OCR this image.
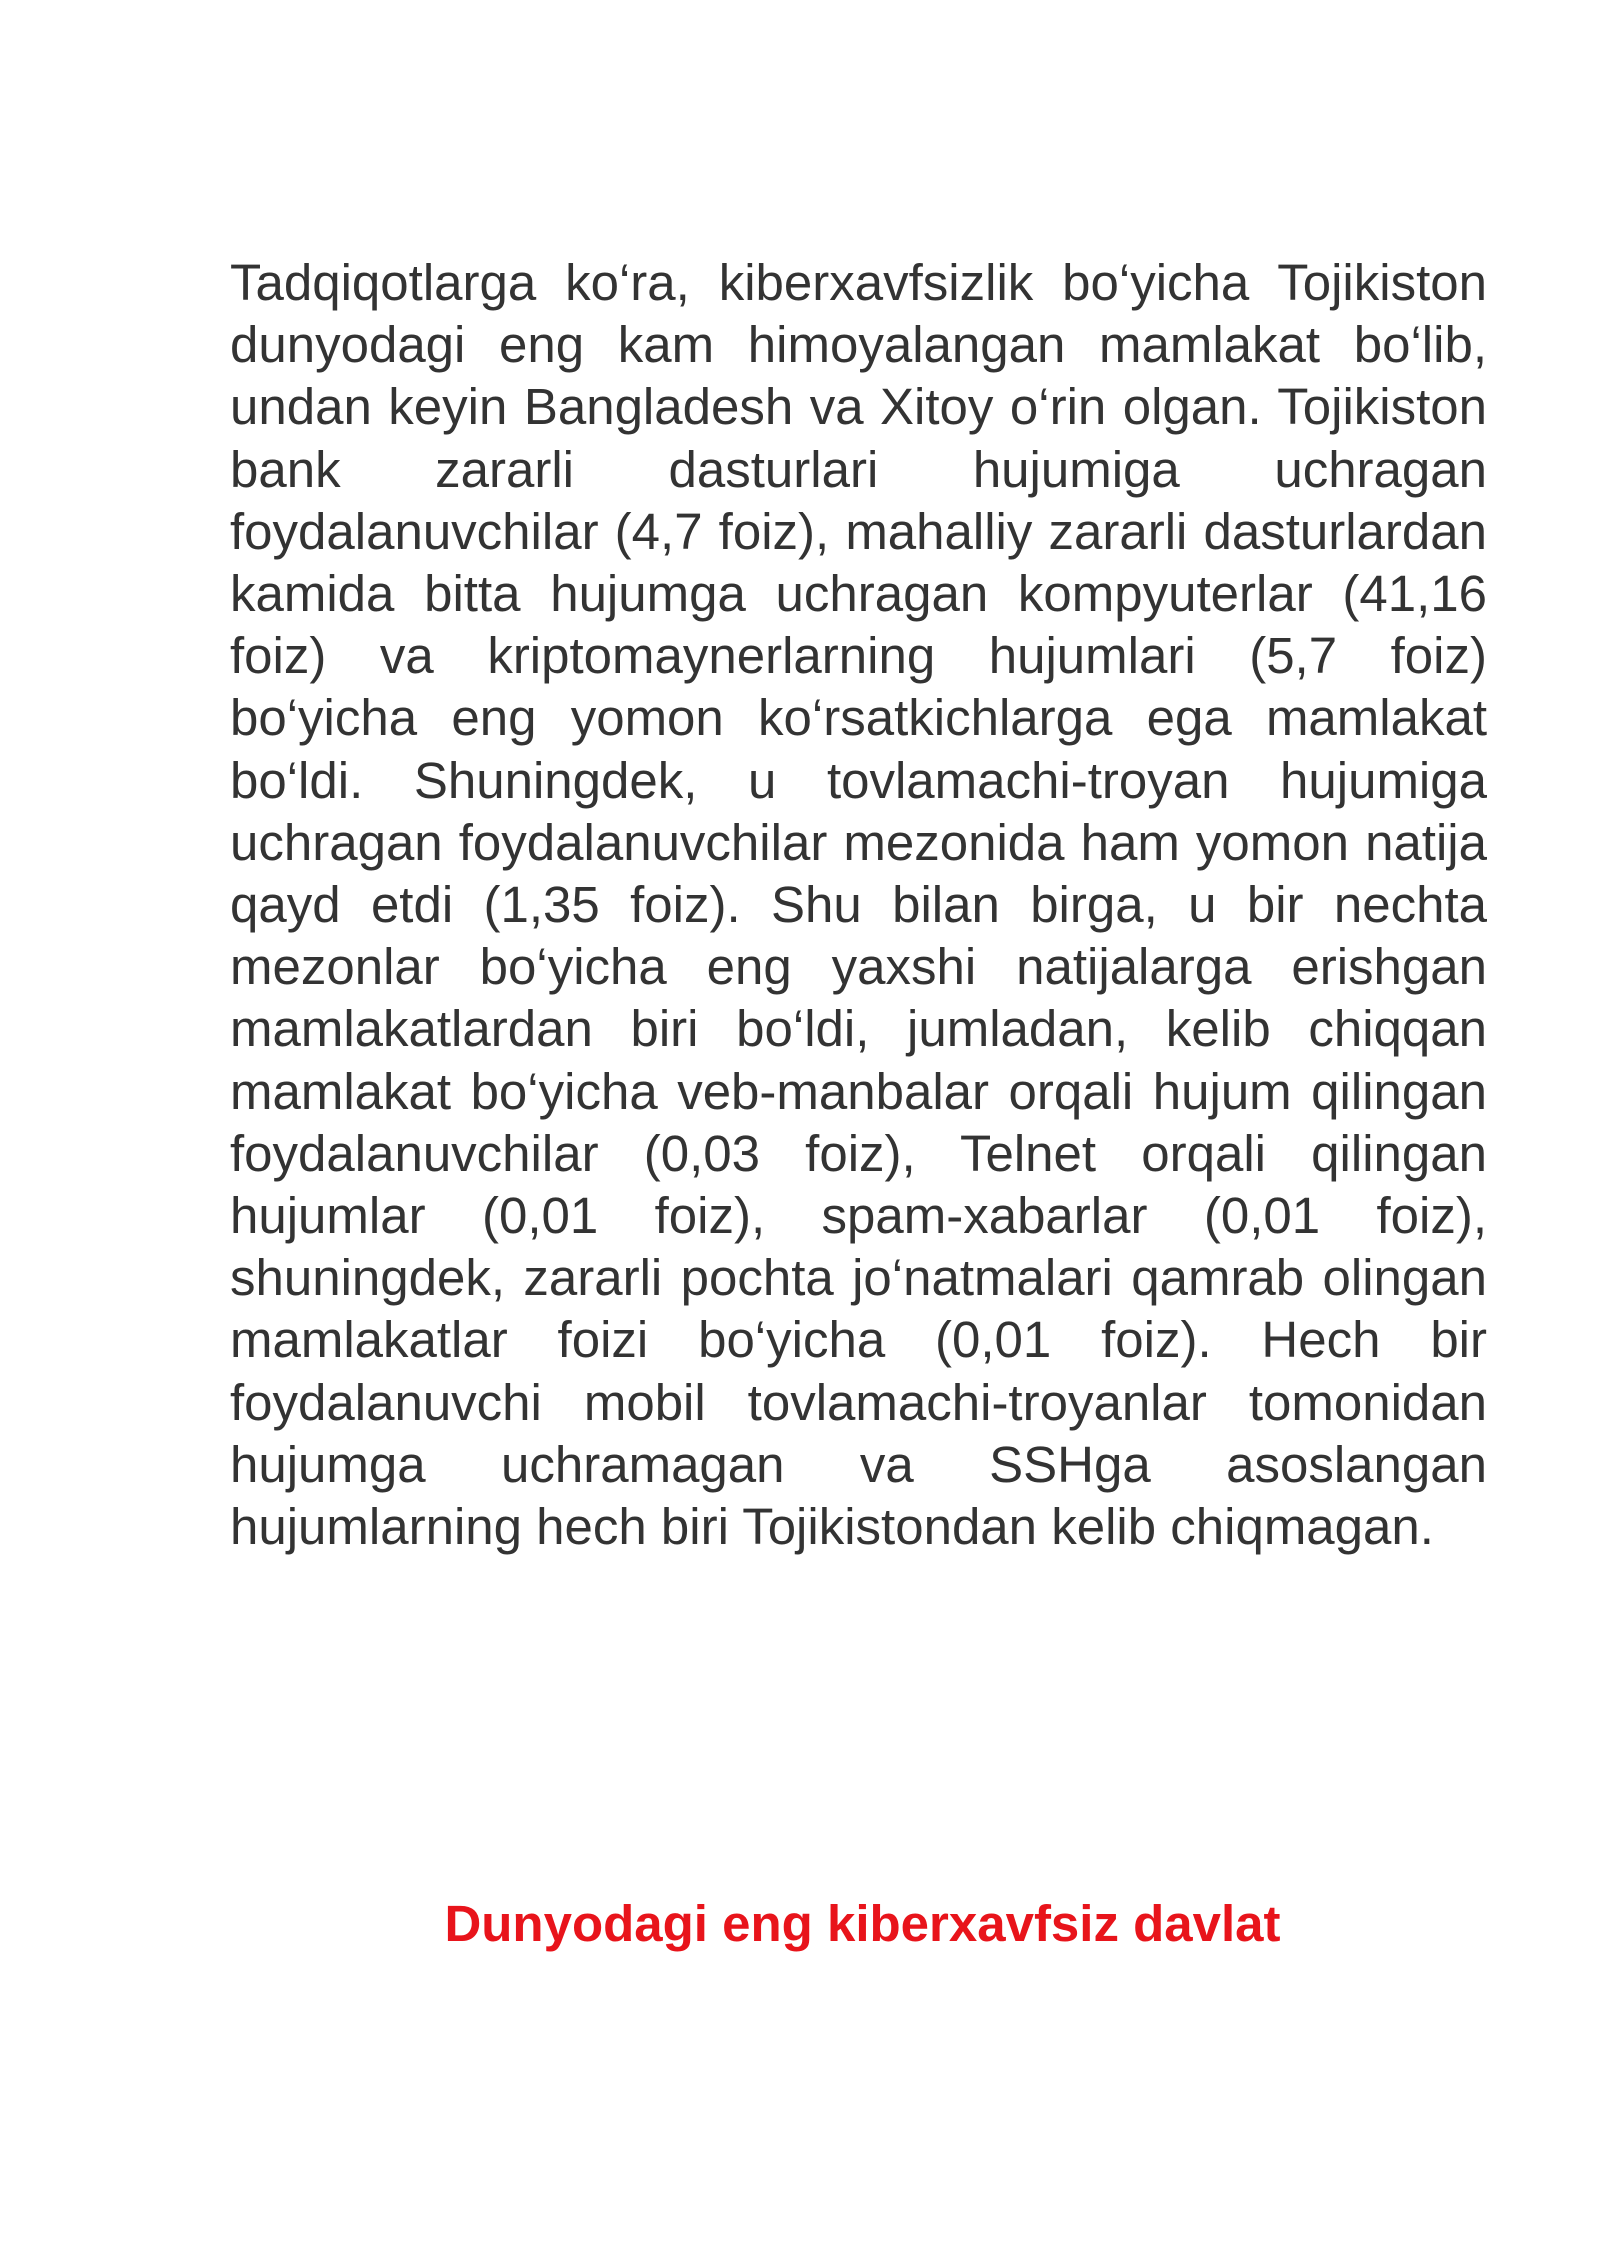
Tadqiqotlarga ko‘ra, kiberxavfsizlik bo‘yicha Tojikiston dunyodagi eng kam himoyalangan mamlakat bo‘lib, undan keyin Bangladesh va Xitoy o‘rin olgan. Tojikiston bank zararli dasturlari hujumiga uchragan foydalanuvchilar (4,7 foiz), mahalliy zararli dasturlardan kamida bitta hujumga uchragan kompyuterlar (41,16 foiz) va kriptomaynerlarning hujumlari (5,7 foiz) bo‘yicha eng yomon ko‘rsatkichlarga ega mamlakat bo‘ldi. Shuningdek, u tovlamachi-troyan hujumiga uchragan foydalanuvchilar mezonida ham yomon natija qayd etdi (1,35 foiz). Shu bilan birga, u bir nechta mezonlar bo‘yicha eng yaxshi natijalarga erishgan mamlakatlardan biri bo‘ldi, jumladan, kelib chiqqan mamlakat bo‘yicha veb-manbalar orqali hujum qilingan foydalanuvchilar (0,03 foiz), Telnet orqali qilingan hujumlar (0,01 foiz), spam-xabarlar (0,01 foiz), shuningdek, zararli pochta jo‘natmalari qamrab olingan mamlakatlar foizi bo‘yicha (0,01 foiz). Hech bir foydalanuvchi mobil tovlamachi-troyanlar tomonidan hujumga uchramagan va SSHga asoslangan hujumlarning hech biri Tojikistondan kelib chiqmagan.

Dunyodagi eng kiberxavfsiz davlat
